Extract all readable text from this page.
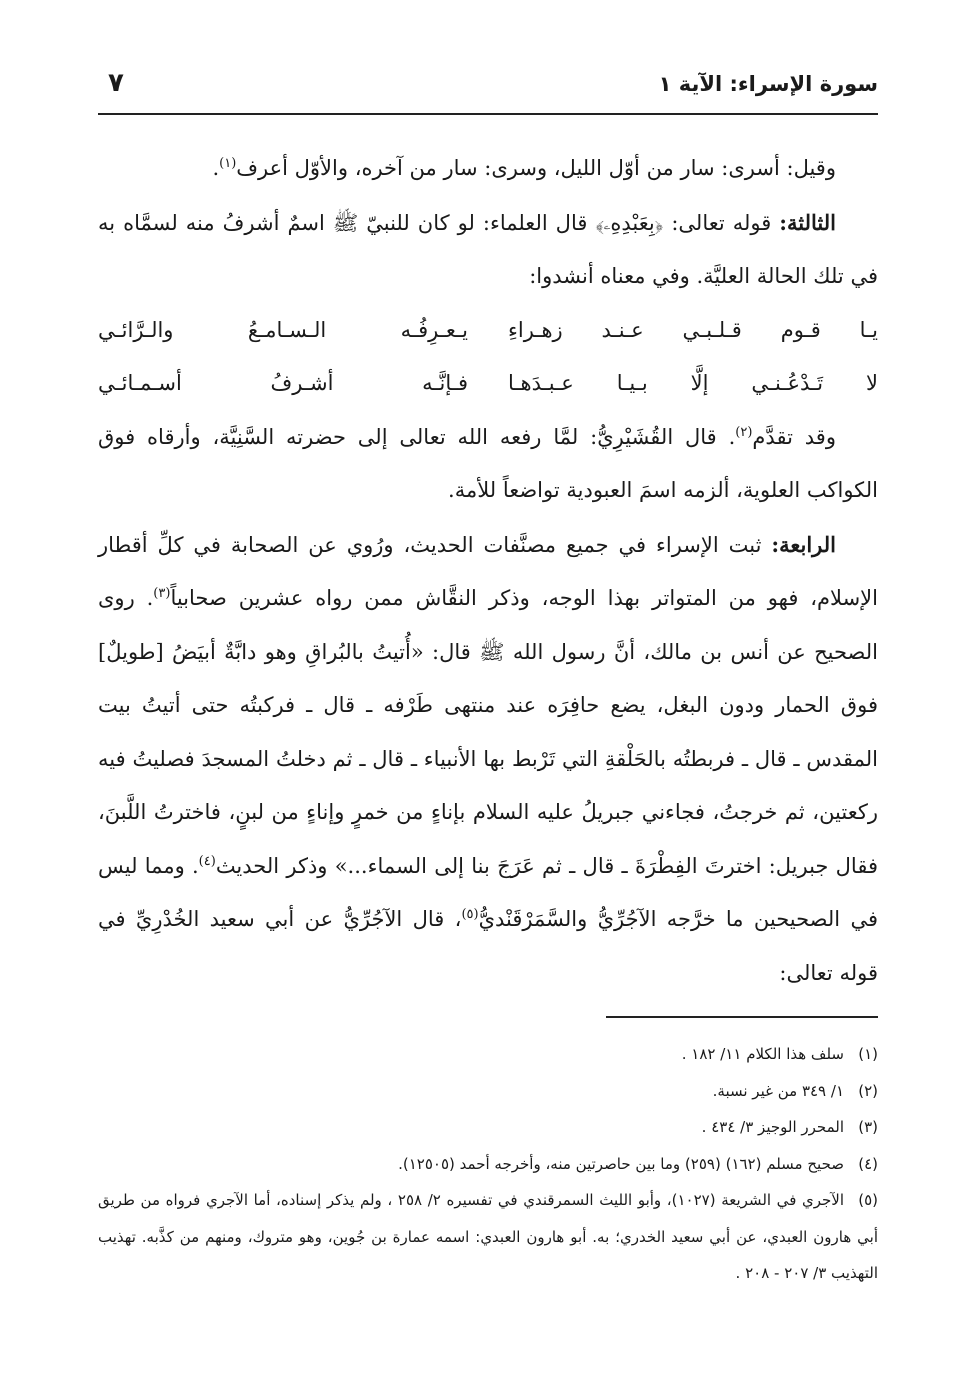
سورة الإسراء: الآية ١
٧

وقيل: أسرى: سار من أوّل الليل، وسرى: سار من آخره، والأوّل أعرف$^{(١)}$.

الثالثة: قوله تعالى: ﴿بِعَبْدِهِۦ﴾ قال العلماء: لو كان للنبيّ ﷺ اسمٌ أشرفُ منه لسمَّاه به في تلك الحالة العليَّة. وفي معناه أنشدوا:

يـا قـوم قـلـبـي عـنـد زهـراءِ
يـعـرِفُـه الـسـامـعُ والـرَّائـي
لا تَـدْعُـنـي إلَّا بـيـا عـبـدَهـا
فـإنَّـه أشـرفُ أسـمـائـي

وقد تقدَّم$^{(٢)}$. قال القُشَيْرِيُّ: لمَّا رفعه الله تعالى إلى حضرته السَّنِيَّة، وأرقاه فوق الكواكب العلوية، ألزمه اسمَ العبودية تواضعاً للأمة.

الرابعة: ثبت الإسراء في جميع مصنَّفات الحديث، ورُوي عن الصحابة في كلِّ أقطار الإسلام، فهو من المتواتر بهذا الوجه، وذكر النقَّاش ممن رواه عشرين صحابياً$^{(٣)}$. روى الصحيح عن أنس بن مالك، أنَّ رسول الله ﷺ قال: «أُتيتُ بالبُراقِ وهو دابَّةٌ أبيَضُ [طويلٌ] فوق الحمار ودون البغل، يضع حافِرَه عند منتهى طَرْفه ـ قال ـ فركبتُه حتى أتيتُ بيت المقدس ـ قال ـ فربطتُه بالحَلْقةِ التي تَرْبط بها الأنبياء ـ قال ـ ثم دخلتُ المسجدَ فصليتُ فيه ركعتين، ثم خرجتُ، فجاءني جبريلُ عليه السلام بإناءٍ من خمرٍ وإناءٍ من لبنٍ، فاخترتُ اللَّبنَ، فقال جبريل: اخترتَ الفِطْرَةَ ـ قال ـ ثم عَرَجَ بنا إلى السماء...» وذكر الحديث$^{(٤)}$. ومما ليس في الصحيحين ما خرَّجه الآجُرِّيُّ والسَّمَرْقَنْديُّ$^{(٥)}$، قال الآجُرِّيُّ عن أبي سعيد الخُدْرِيِّ في قوله تعالى:

(١)سلف هذا الكلام ١١/ ١٨٢ .

(٢)١/ ٣٤٩ من غير نسبة.

(٣)المحرر الوجيز ٣/ ٤٣٤ .

(٤)صحيح مسلم (١٦٢) (٢٥٩) وما بين حاصرتين منه، وأخرجه أحمد (١٢٥٠٥).

(٥)الآجري في الشريعة (١٠٢٧)، وأبو الليث السمرقندي في تفسيره ٢/ ٢٥٨ ، ولم يذكر إسناده، أما الآجري فرواه من طريق أبي هارون العبدي، عن أبي سعيد الخدري؛ به. أبو هارون العبدي: اسمه عمارة بن جُوين، وهو متروك، ومنهم من كذَّبه. تهذيب التهذيب ٣/ ٢٠٧ - ٢٠٨ .
